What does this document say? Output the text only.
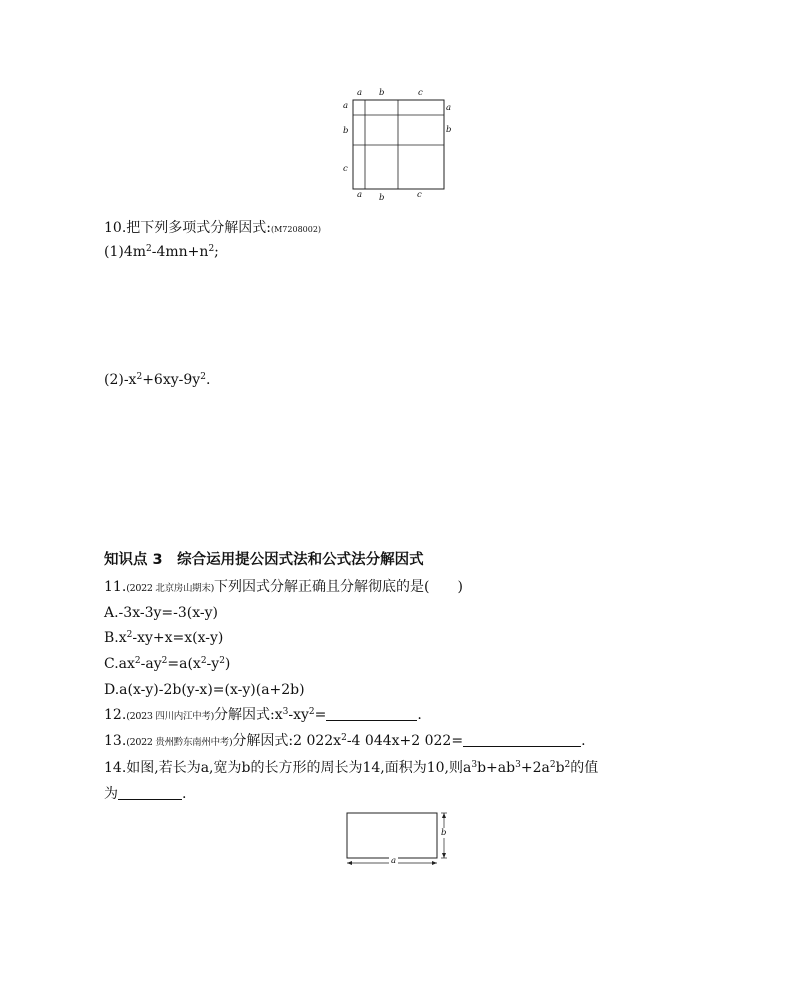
a b	c
a b	c
a
b
c
a
b
10.把下列多项式分解因式:(M7208002)
$(1)4m^2-4mn+n^2$;
$(2)-x^2+6xy-9y^2$.
知识点 3　综合运用提公因式法和公式法分解因式
11.(2022 北京房山期末)下列因式分解正确且分解彻底的是(　　)
A.-3x-3y=-3(x-y)
$B.x^2-xy+x=x(x-y)$
$C.ax^2-ay^2=a(x^2-y^2)$
D.a(x-y)-2b(y-x)=(x-y)(a+2b)
12.(2023 四川内江中考)分解因式$:x^3-xy^2=$	.
13.(2022 贵州黔东南州中考)分解因式:2 $022x^2-4$ 044x+2 022=	.
14.如图,若长为a,宽为b的长方形的周长为14,面积为10,则$a^3b+ab^3+2a^2b^2$的值
为	.
b
a
